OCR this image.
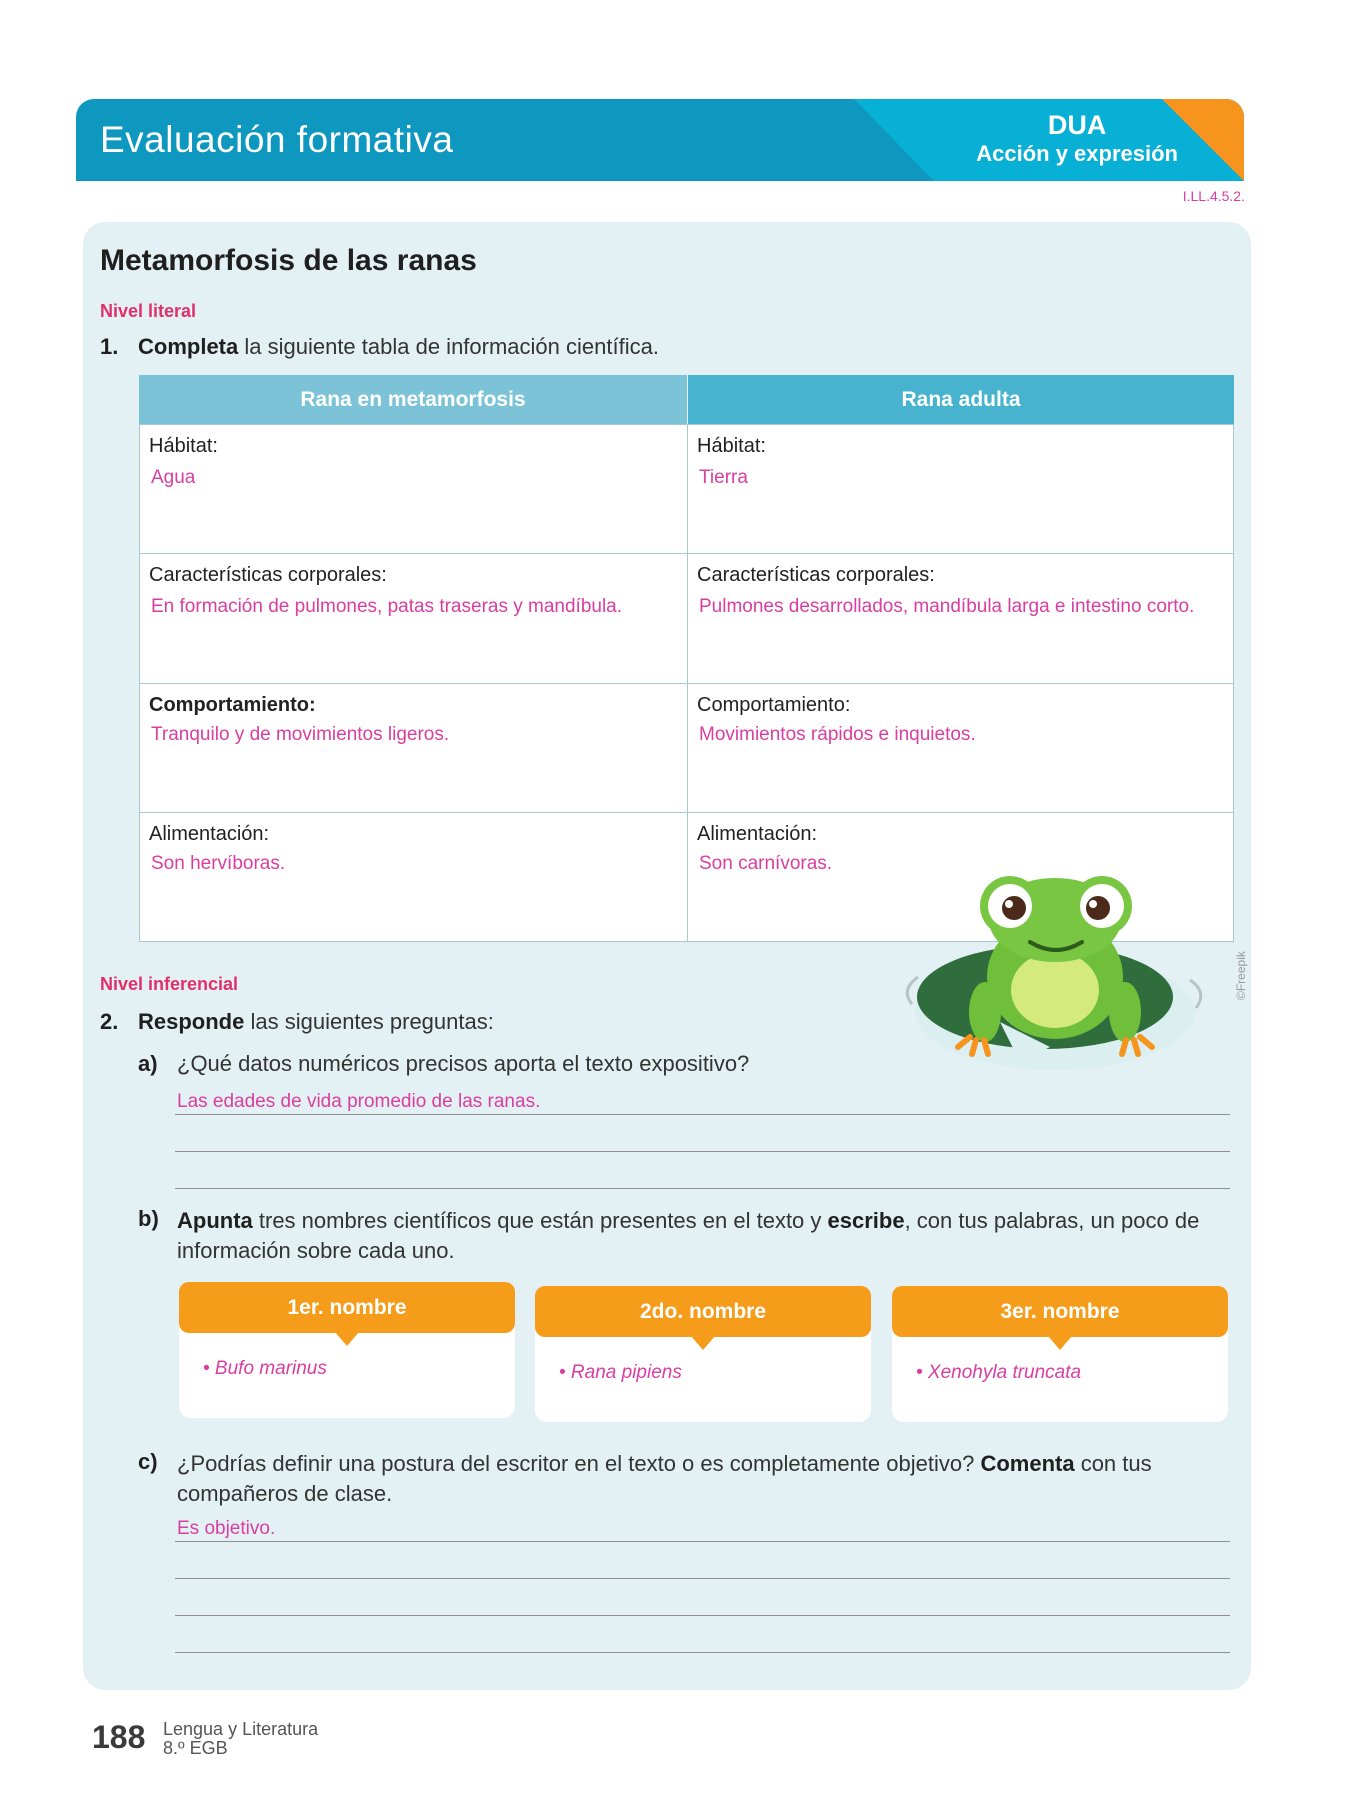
Evaluación formativa	DUA
Acción y expresión
I.LL.4.5.2.
Metamorfosis de las ranas
Nivel literal
1. Completa la siguiente tabla de información científica.
Rana en metamorfosis	Rana adulta
Hábitat:
Agua
Hábitat:
Tierra
Características corporales:
En formación de pulmones, patas traseras y mandíbula.
Características corporales:
Pulmones desarrollados, mandíbula larga e intestino corto.
Comportamiento:
Tranquilo y de movimientos ligeros.
Comportamiento:
Movimientos rápidos e inquietos.
Alimentación:
Son hervíboras.
Alimentación:
Son carnívoras.
©Freepik
Nivel inferencial
2. Responde las siguientes preguntas:
a) ¿Qué datos numéricos precisos aporta el texto expositivo?
Las edades de vida promedio de las ranas.
b) Apunta tres nombres científicos que están presentes en el texto y escribe, con tus palabras, un poco de información sobre cada uno.
1er. nombre
• Bufo marinus
2do. nombre
• Rana pipiens
3er. nombre
• Xenohyla truncata
c) ¿Podrías definir una postura del escritor en el texto o es completamente objetivo? Comenta con tus compañeros de clase.
Es objetivo.
188 Lengua y Literatura
8.º EGB
